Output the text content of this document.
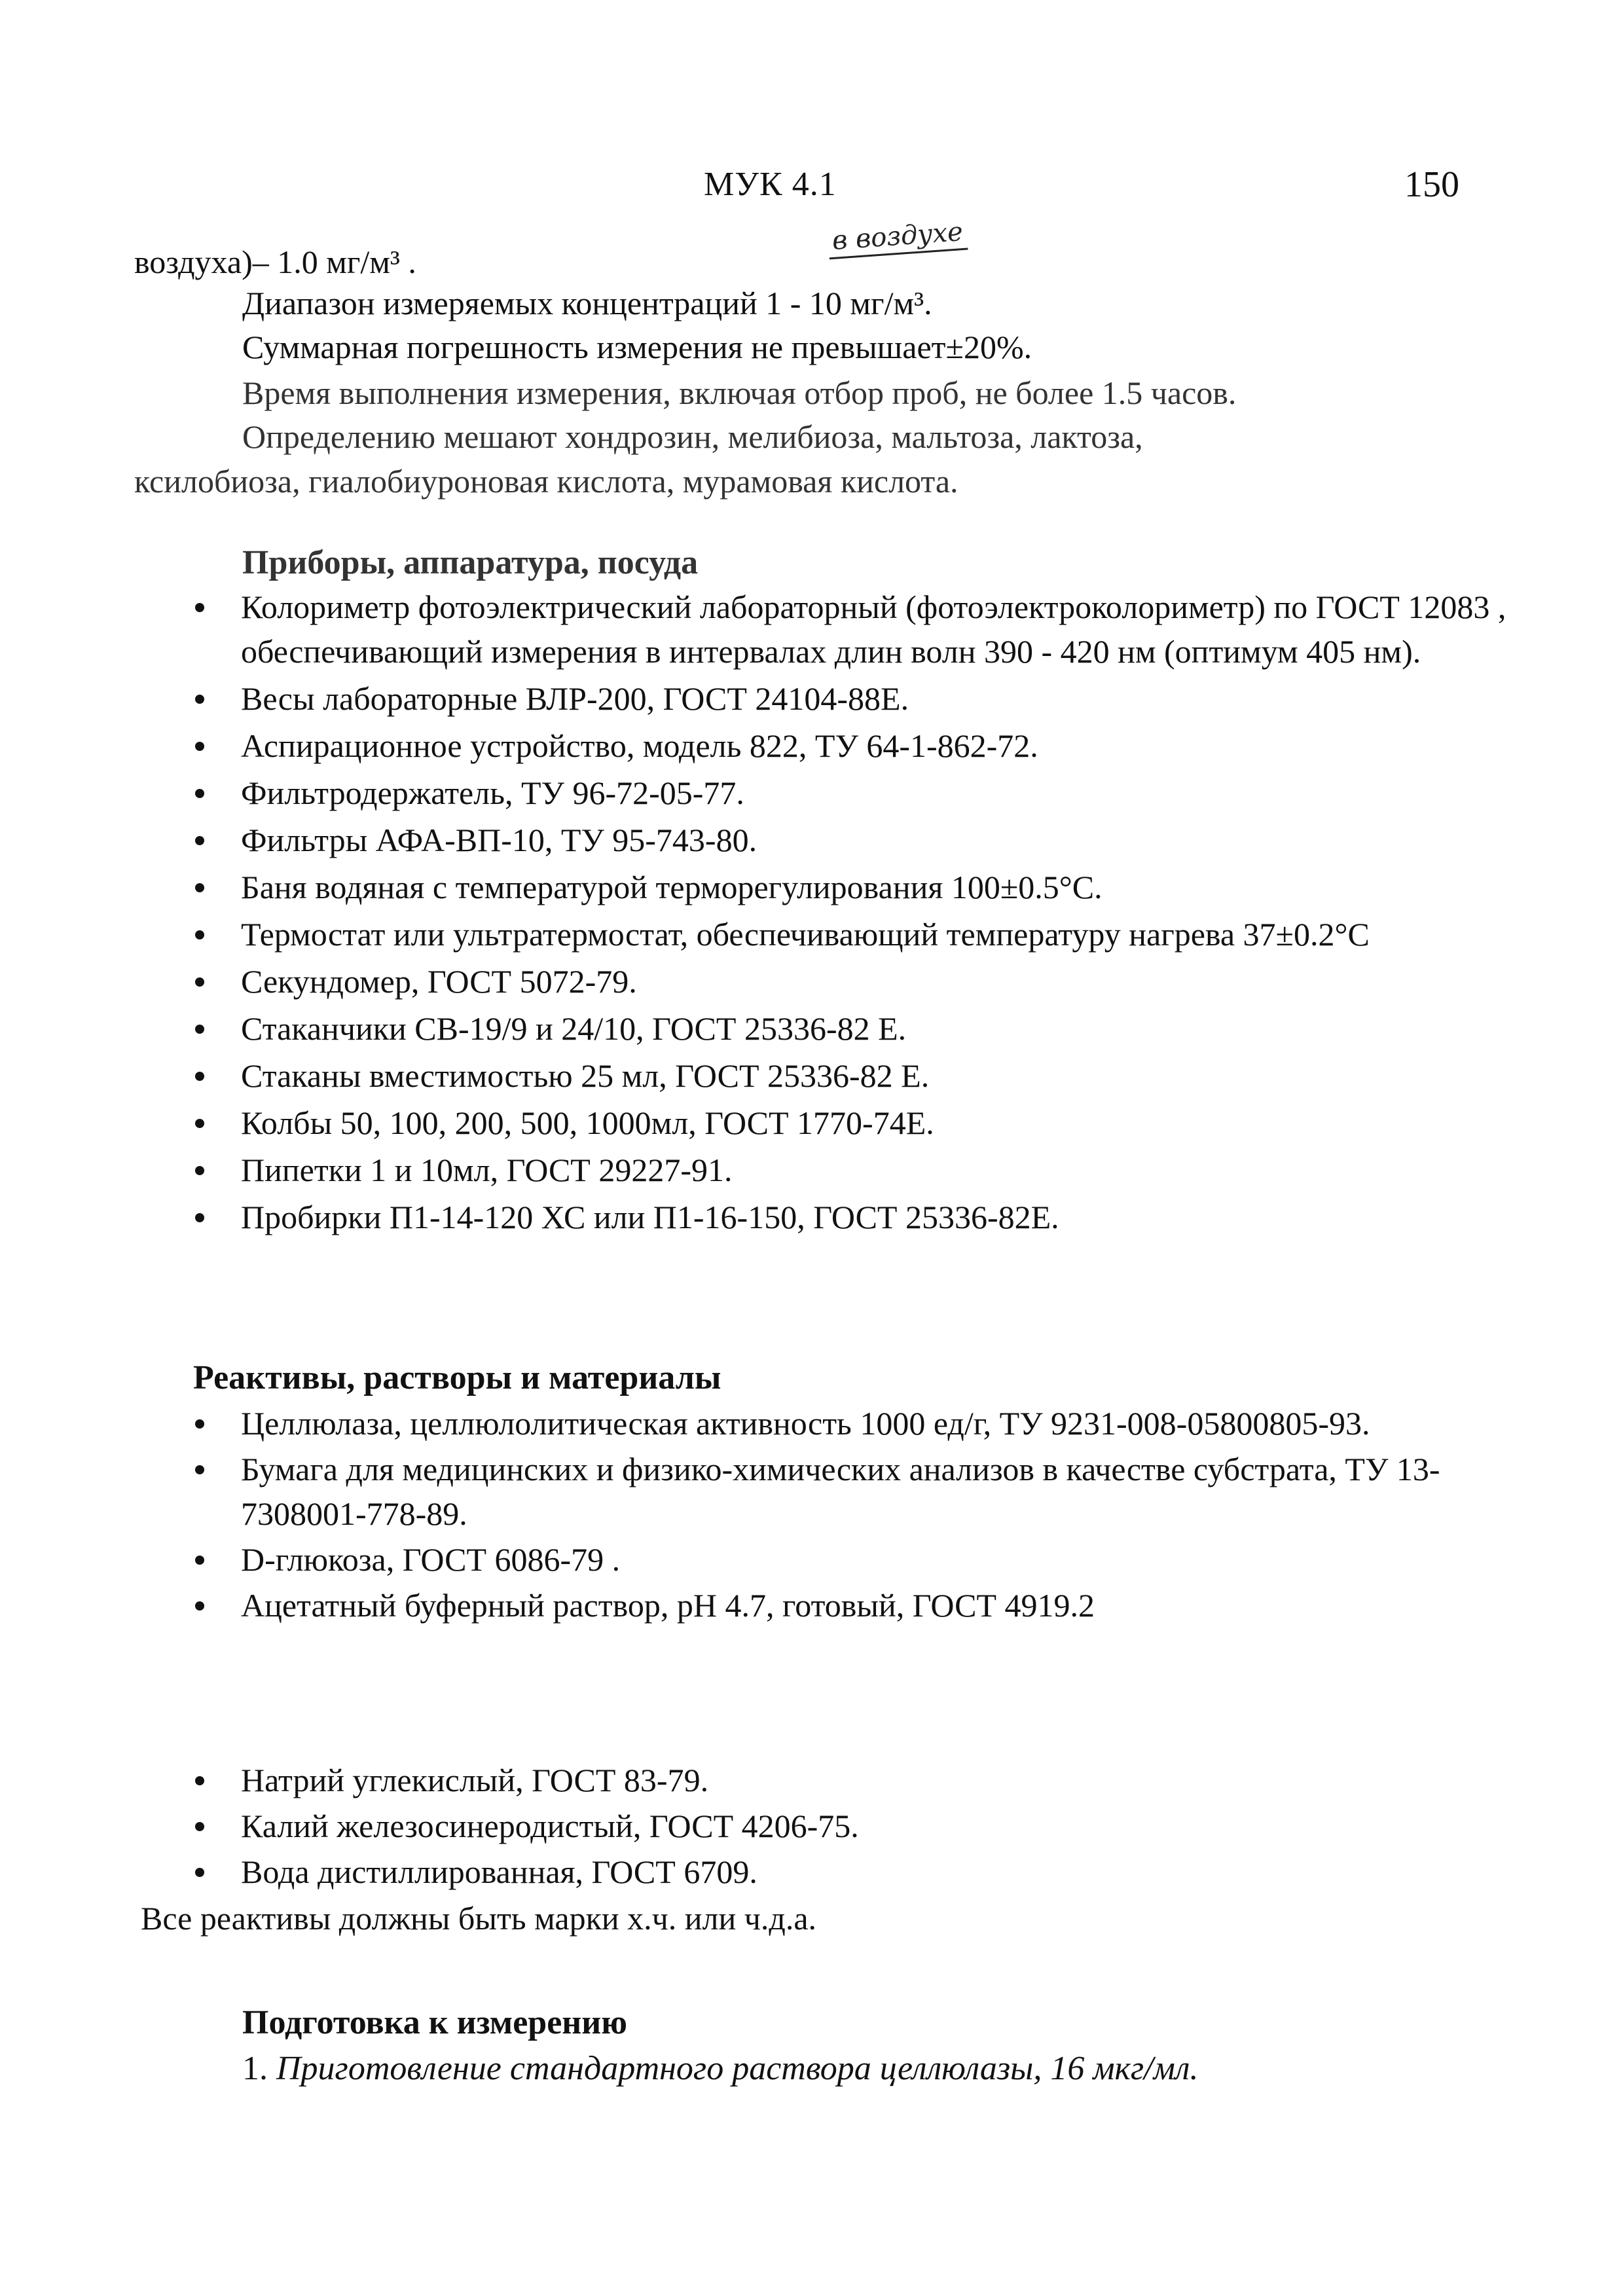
МУК 4.1	150
в воздухе
воздуха)– 1.0 мг/м³ .
Диапазон измеряемых концентраций 1 - 10 мг/м³.
Суммарная погрешность измерения не превышает±20%.
Время выполнения измерения, включая отбор проб, не более 1.5 часов.
Определению мешают хондрозин, мелибиоза, мальтоза, лактоза,
ксилобиоза, гиалобиуроновая кислота, мурамовая кислота.
Приборы, аппаратура, посуда
Колориметр фотоэлектрический лабораторный (фотоэлектроколориметр) по ГОСТ 12083 , обеспечивающий измерения в интервалах длин волн 390 - 420 нм (оптимум 405 нм).
Весы лабораторные ВЛР-200, ГОСТ 24104-88Е.
Аспирационное устройство, модель 822, ТУ 64-1-862-72.
Фильтродержатель, ТУ 96-72-05-77.
Фильтры АФА-ВП-10, ТУ 95-743-80.
Баня водяная с температурой терморегулирования 100±0.5°С.
Термостат или ультратермостат, обеспечивающий температуру нагрева 37±0.2°С
Секундомер, ГОСТ 5072-79.
Стаканчики СВ-19/9 и 24/10, ГОСТ 25336-82 Е.
Стаканы вместимостью 25 мл, ГОСТ 25336-82 Е.
Колбы 50, 100, 200, 500, 1000мл, ГОСТ 1770-74Е.
Пипетки 1 и 10мл, ГОСТ 29227-91.
Пробирки П1-14-120 ХС или П1-16-150, ГОСТ 25336-82Е.
Реактивы, растворы и материалы
Целлюлаза, целлюлолитическая активность 1000 ед/г, ТУ 9231-008-05800805-93.
Бумага для медицинских и физико-химических анализов в качестве субстрата, ТУ 13-7308001-778-89.
D-глюкоза, ГОСТ 6086-79 .
Ацетатный буферный раствор, рН 4.7, готовый, ГОСТ 4919.2
Натрий углекислый, ГОСТ 83-79.
Калий железосинеродистый, ГОСТ 4206-75.
Вода дистиллированная, ГОСТ 6709.
Все реактивы должны быть марки х.ч. или ч.д.а.
Подготовка к измерению
1. Приготовление стандартного раствора целлюлазы, 16 мкг/мл.
